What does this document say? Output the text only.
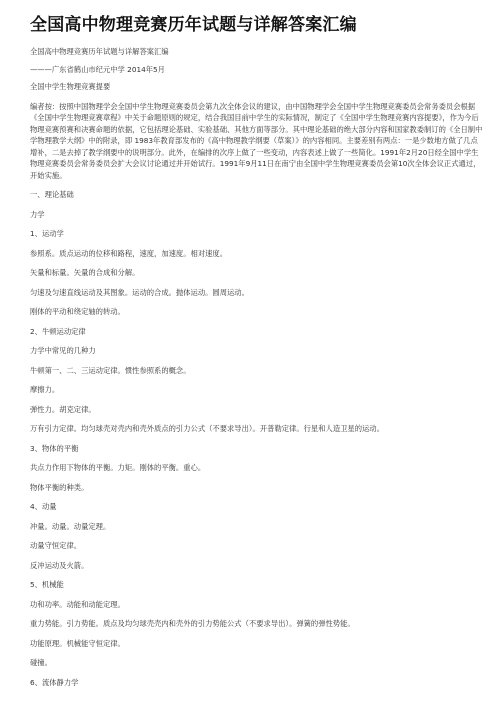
全国高中物理竞赛历年试题与详解答案汇编
全国高中物理竞赛历年试题与详解答案汇编
———广东省鹤山市纪元中学 2014年5月
全国中学生物理竞赛提要
编者按：按照中国物理学会全国中学生物理竞赛委员会第九次全体会议的建议，由中国物理学会全国中学生物理竞赛委员会常务委员会根据《全国中学生物理竞赛章程》中关于命题原则的规定，结合我国目前中学生的实际情况，制定了《全国中学生物理竞赛内容提要》，作为今后物理竞赛预赛和决赛命题的依据，它包括理论基础、实验基础、其他方面等部分。其中理论基础的绝大部分内容和国家教委制订的《全日制中学物理教学大纲》中的附录，即 1983年教育部发布的《高中物理教学纲要（草案）》的内容相同。主要差别有两点：一是少数地方做了几点增补，二是去掉了教学纲要中的说明部分。此外，在编排的次序上做了一些变动，内容表述上做了一些简化。1991年2月20日经全国中学生物理竞赛委员会常务委员会扩大会议讨论通过并开始试行。1991年9月11日在南宁由全国中学生物理竞赛委员会第10次全体会议正式通过，开始实施。
一、理论基础
力学
1、运动学
参照系。质点运动的位移和路程，速度，加速度。相对速度。
矢量和标量。矢量的合成和分解。
匀速及匀速直线运动及其图象。运动的合成。抛体运动。圆周运动。
刚体的平动和绕定轴的转动。
2、牛顿运动定律
力学中常见的几种力
牛顿第一、二、三运动定律。惯性参照系的概念。
摩擦力。
弹性力。胡克定律。
万有引力定律。均匀球壳对壳内和壳外质点的引力公式（不要求导出）。开普勒定律。行星和人造卫星的运动。
3、物体的平衡
共点力作用下物体的平衡。力矩。刚体的平衡。重心。
物体平衡的种类。
4、动量
冲量。动量。动量定理。
动量守恒定律。
反冲运动及火箭。
5、机械能
功和功率。动能和动能定理。
重力势能。引力势能。质点及均匀球壳壳内和壳外的引力势能公式（不要求导出）。弹簧的弹性势能。
功能原理。机械能守恒定律。
碰撞。
6、流体静力学
